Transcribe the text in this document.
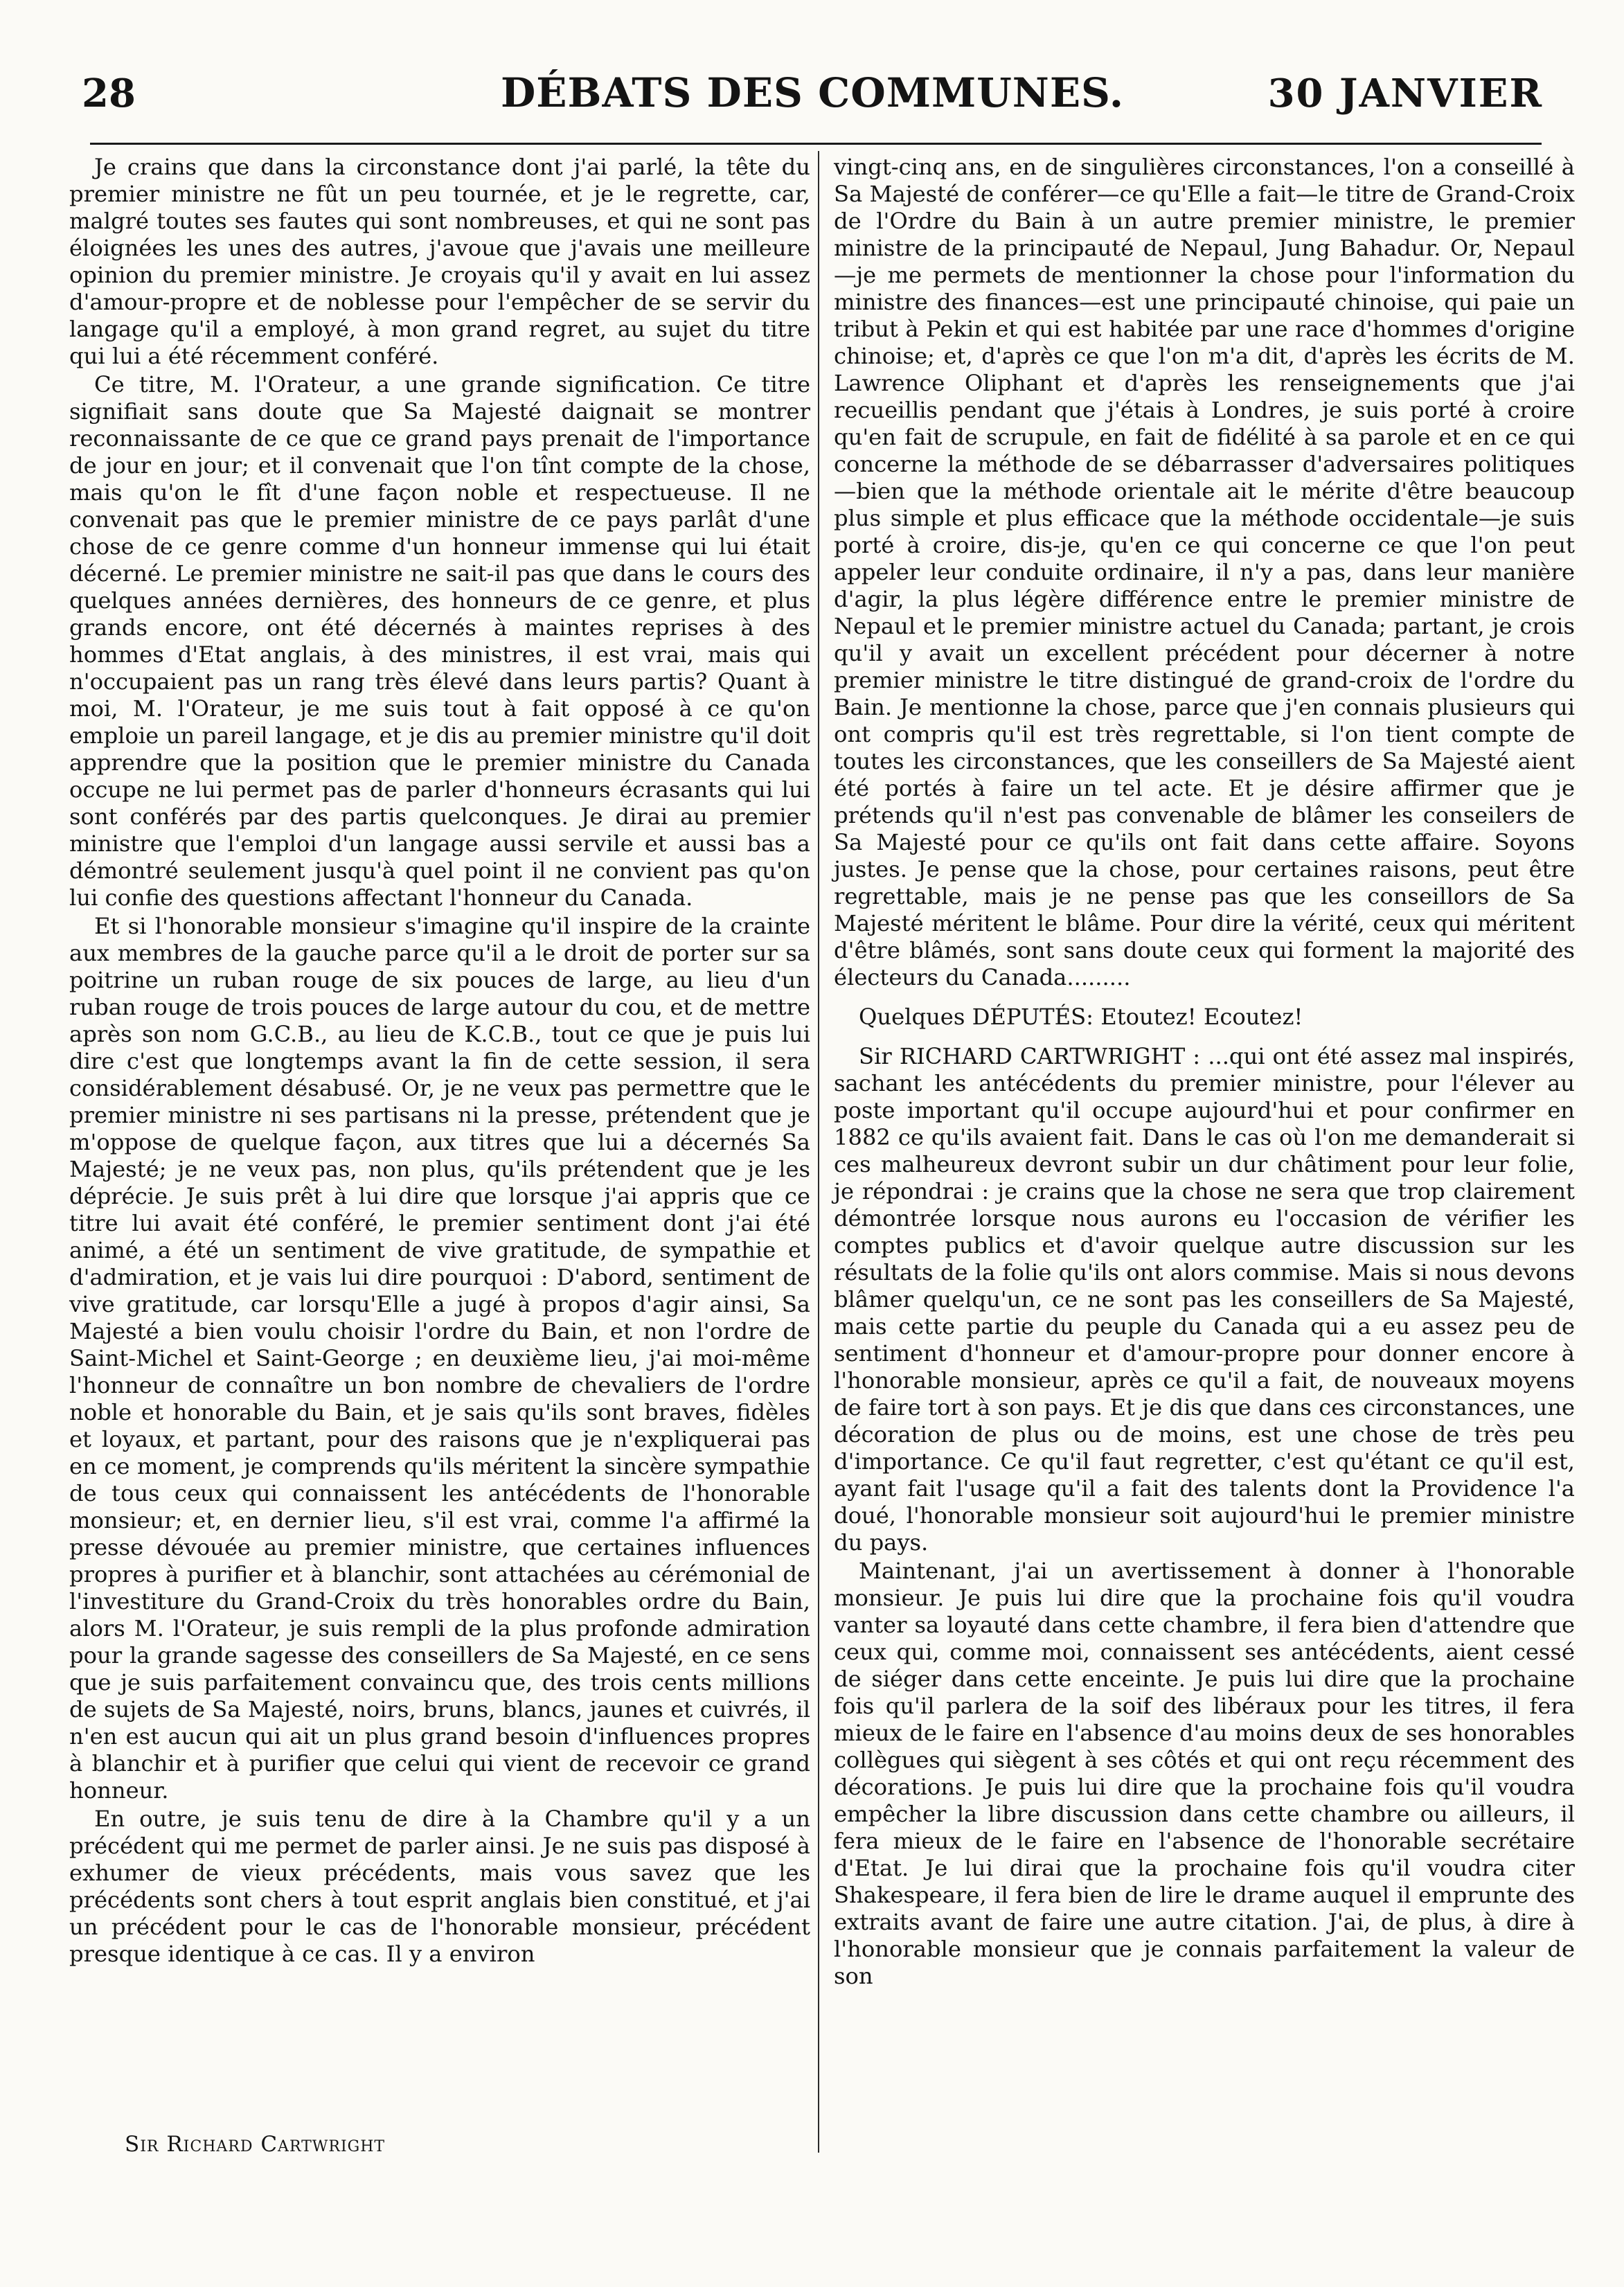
28	DÉBATS DES COMMUNES.	30 JANVIER

Je crains que dans la circonstance dont j'ai parlé, la tête du premier ministre ne fût un peu tournée, et je le regrette, car, malgré toutes ses fautes qui sont nombreuses, et qui ne sont pas éloignées les unes des autres, j'avoue que j'avais une meilleure opinion du premier ministre. Je croyais qu'il y avait en lui assez d'amour-propre et de noblesse pour l'empêcher de se servir du langage qu'il a employé, à mon grand regret, au sujet du titre qui lui a été récemment conféré.

Ce titre, M. l'Orateur, a une grande signification. Ce titre signifiait sans doute que Sa Majesté daignait se montrer reconnaissante de ce que ce grand pays prenait de l'importance de jour en jour; et il convenait que l'on tînt compte de la chose, mais qu'on le fît d'une façon noble et respectueuse. Il ne convenait pas que le premier ministre de ce pays parlât d'une chose de ce genre comme d'un honneur immense qui lui était décerné. Le premier ministre ne sait-il pas que dans le cours des quelques années dernières, des honneurs de ce genre, et plus grands encore, ont été décernés à maintes reprises à des hommes d'Etat anglais, à des ministres, il est vrai, mais qui n'occupaient pas un rang très élevé dans leurs partis? Quant à moi, M. l'Orateur, je me suis tout à fait opposé à ce qu'on emploie un pareil langage, et je dis au premier ministre qu'il doit apprendre que la position que le premier ministre du Canada occupe ne lui permet pas de parler d'honneurs écrasants qui lui sont conférés par des partis quelconques. Je dirai au premier ministre que l'emploi d'un langage aussi servile et aussi bas a démontré seulement jusqu'à quel point il ne convient pas qu'on lui confie des questions affectant l'honneur du Canada.

Et si l'honorable monsieur s'imagine qu'il inspire de la crainte aux membres de la gauche parce qu'il a le droit de porter sur sa poitrine un ruban rouge de six pouces de large, au lieu d'un ruban rouge de trois pouces de large autour du cou, et de mettre après son nom G.C.B., au lieu de K.C.B., tout ce que je puis lui dire c'est que longtemps avant la fin de cette session, il sera considérablement désabusé. Or, je ne veux pas permettre que le premier ministre ni ses partisans ni la presse, prétendent que je m'oppose de quelque façon, aux titres que lui a décernés Sa Majesté; je ne veux pas, non plus, qu'ils prétendent que je les déprécie. Je suis prêt à lui dire que lorsque j'ai appris que ce titre lui avait été conféré, le premier sentiment dont j'ai été animé, a été un sentiment de vive gratitude, de sympathie et d'admiration, et je vais lui dire pourquoi : D'abord, sentiment de vive gratitude, car lorsqu'Elle a jugé à propos d'agir ainsi, Sa Majesté a bien voulu choisir l'ordre du Bain, et non l'ordre de Saint-Michel et Saint-George ; en deuxième lieu, j'ai moi-même l'honneur de connaître un bon nombre de chevaliers de l'ordre noble et honorable du Bain, et je sais qu'ils sont braves, fidèles et loyaux, et partant, pour des raisons que je n'expliquerai pas en ce moment, je comprends qu'ils méritent la sincère sympathie de tous ceux qui connaissent les antécédents de l'honorable monsieur; et, en dernier lieu, s'il est vrai, comme l'a affirmé la presse dévouée au premier ministre, que certaines influences propres à purifier et à blanchir, sont attachées au cérémonial de l'investiture du Grand-Croix du très honorables ordre du Bain, alors M. l'Orateur, je suis rempli de la plus profonde admiration pour la grande sagesse des conseillers de Sa Majesté, en ce sens que je suis parfaitement convaincu que, des trois cents millions de sujets de Sa Majesté, noirs, bruns, blancs, jaunes et cuivrés, il n'en est aucun qui ait un plus grand besoin d'influences propres à blanchir et à purifier que celui qui vient de recevoir ce grand honneur.

En outre, je suis tenu de dire à la Chambre qu'il y a un précédent qui me permet de parler ainsi. Je ne suis pas disposé à exhumer de vieux précédents, mais vous savez que les précédents sont chers à tout esprit anglais bien constitué, et j'ai un précédent pour le cas de l'honorable monsieur, précédent presque identique à ce cas. Il y a environ

vingt-cinq ans, en de singulières circonstances, l'on a conseillé à Sa Majesté de conférer—ce qu'Elle a fait—le titre de Grand-Croix de l'Ordre du Bain à un autre premier ministre, le premier ministre de la principauté de Nepaul, Jung Bahadur. Or, Nepaul—je me permets de mentionner la chose pour l'information du ministre des finances—est une principauté chinoise, qui paie un tribut à Pekin et qui est habitée par une race d'hommes d'origine chinoise; et, d'après ce que l'on m'a dit, d'après les écrits de M. Lawrence Oliphant et d'après les renseignements que j'ai recueillis pendant que j'étais à Londres, je suis porté à croire qu'en fait de scrupule, en fait de fidélité à sa parole et en ce qui concerne la méthode de se débarrasser d'adversaires politiques—bien que la méthode orientale ait le mérite d'être beaucoup plus simple et plus efficace que la méthode occidentale—je suis porté à croire, dis-je, qu'en ce qui concerne ce que l'on peut appeler leur conduite ordinaire, il n'y a pas, dans leur manière d'agir, la plus légère différence entre le premier ministre de Nepaul et le premier ministre actuel du Canada; partant, je crois qu'il y avait un excellent précédent pour décerner à notre premier ministre le titre distingué de grand-croix de l'ordre du Bain. Je mentionne la chose, parce que j'en connais plusieurs qui ont compris qu'il est très regrettable, si l'on tient compte de toutes les circonstances, que les conseillers de Sa Majesté aient été portés à faire un tel acte. Et je désire affirmer que je prétends qu'il n'est pas convenable de blâmer les conseilers de Sa Majesté pour ce qu'ils ont fait dans cette affaire. Soyons justes. Je pense que la chose, pour certaines raisons, peut être regrettable, mais je ne pense pas que les conseillors de Sa Majesté méritent le blâme. Pour dire la vérité, ceux qui méritent d'être blâmés, sont sans doute ceux qui forment la majorité des électeurs du Canada.........

Quelques DÉPUTÉS: Etoutez! Ecoutez!

Sir RICHARD CARTWRIGHT : ...qui ont été assez mal inspirés, sachant les antécédents du premier ministre, pour l'élever au poste important qu'il occupe aujourd'hui et pour confirmer en 1882 ce qu'ils avaient fait. Dans le cas où l'on me demanderait si ces malheureux devront subir un dur châtiment pour leur folie, je répondrai : je crains que la chose ne sera que trop clairement démontrée lorsque nous aurons eu l'occasion de vérifier les comptes publics et d'avoir quelque autre discussion sur les résultats de la folie qu'ils ont alors commise. Mais si nous devons blâmer quelqu'un, ce ne sont pas les conseillers de Sa Majesté, mais cette partie du peuple du Canada qui a eu assez peu de sentiment d'honneur et d'amour-propre pour donner encore à l'honorable monsieur, après ce qu'il a fait, de nouveaux moyens de faire tort à son pays. Et je dis que dans ces circonstances, une décoration de plus ou de moins, est une chose de très peu d'importance. Ce qu'il faut regretter, c'est qu'étant ce qu'il est, ayant fait l'usage qu'il a fait des talents dont la Providence l'a doué, l'honorable monsieur soit aujourd'hui le premier ministre du pays.

Maintenant, j'ai un avertissement à donner à l'honorable monsieur. Je puis lui dire que la prochaine fois qu'il voudra vanter sa loyauté dans cette chambre, il fera bien d'attendre que ceux qui, comme moi, connaissent ses antécédents, aient cessé de siéger dans cette enceinte. Je puis lui dire que la prochaine fois qu'il parlera de la soif des libéraux pour les titres, il fera mieux de le faire en l'absence d'au moins deux de ses honorables collègues qui siègent à ses côtés et qui ont reçu récemment des décorations. Je puis lui dire que la prochaine fois qu'il voudra empêcher la libre discussion dans cette chambre ou ailleurs, il fera mieux de le faire en l'absence de l'honorable secrétaire d'Etat. Je lui dirai que la prochaine fois qu'il voudra citer Shakespeare, il fera bien de lire le drame auquel il emprunte des extraits avant de faire une autre citation. J'ai, de plus, à dire à l'honorable monsieur que je connais parfaitement la valeur de son

Sir Richard Cartwright
